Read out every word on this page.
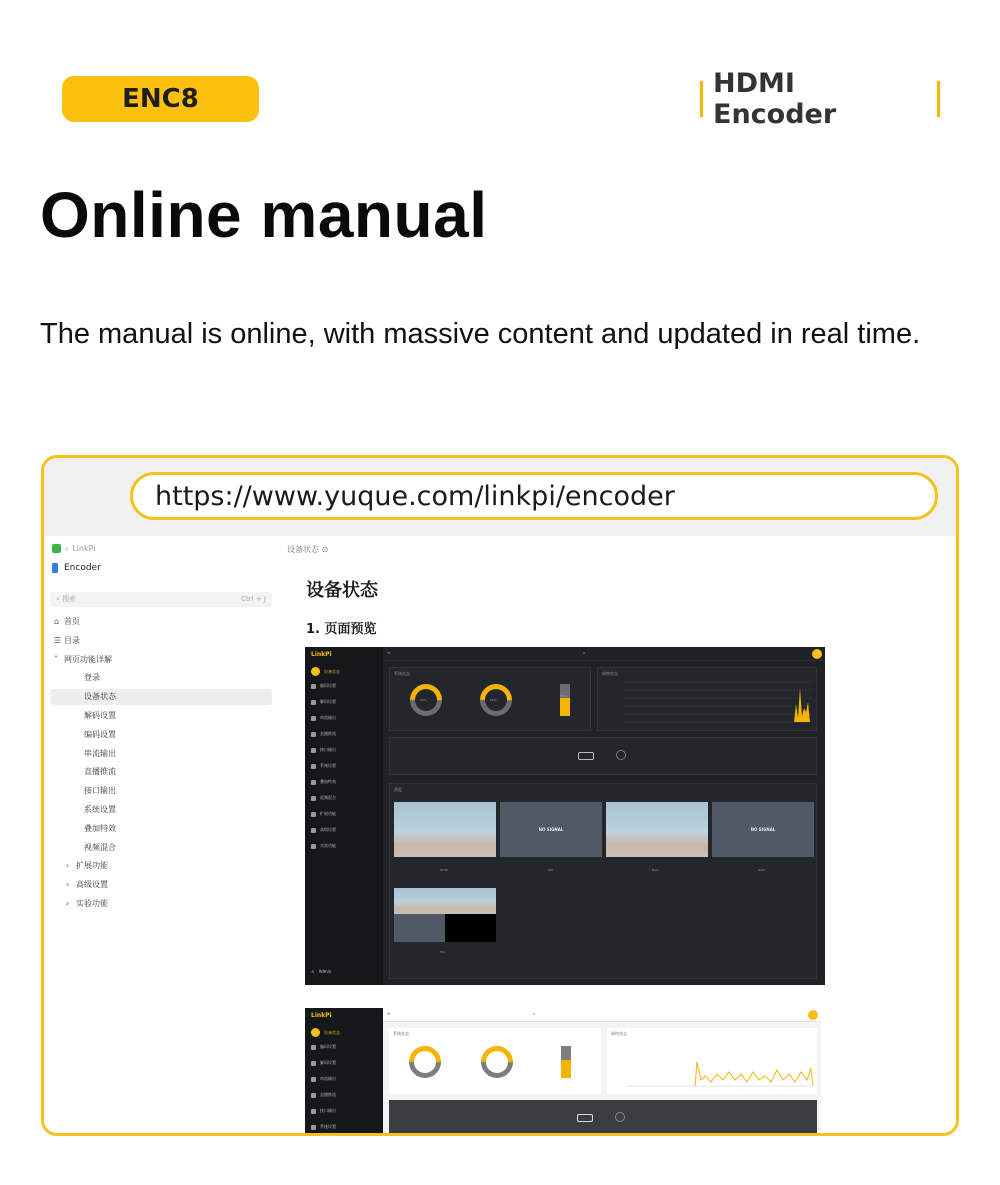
ENC8	HDMI Encoder
Online manual
The manual is online, with massive content and updated in real time.
https://www.yuque.com/linkpi/encoder
› LinkPi
Encoder
⌕ 搜索	Ctrl + J
⌂ 首页
☰ 目录
˅ 网页功能详解
登录
设备状态
解码设置
编码设置
串流输出
直播推流
接口输出
系统设置
叠加特效
视频混合
› 扩展功能
› 高级设置
› 实验功能
设备状态 ⊙
设备状态
1. 页面预览
LinkPi
设备状态
编码设置
解码设置
串流输出
直播推流
接口输出
系统设置
叠加特效
视频混合
扩展功能
高级设置
实验功能
♙ Admin
≡	⌕
系统状态
23%	51%
52°C
网络状态
预览
NO SIGNAL	NO SIGNAL
HDMI	SDI	Net1	Net2
Mix
LinkPi
设备状态
编码设置
解码设置
串流输出
直播推流
接口输出
系统设置
≡	⌕
系统状态	网络状态
